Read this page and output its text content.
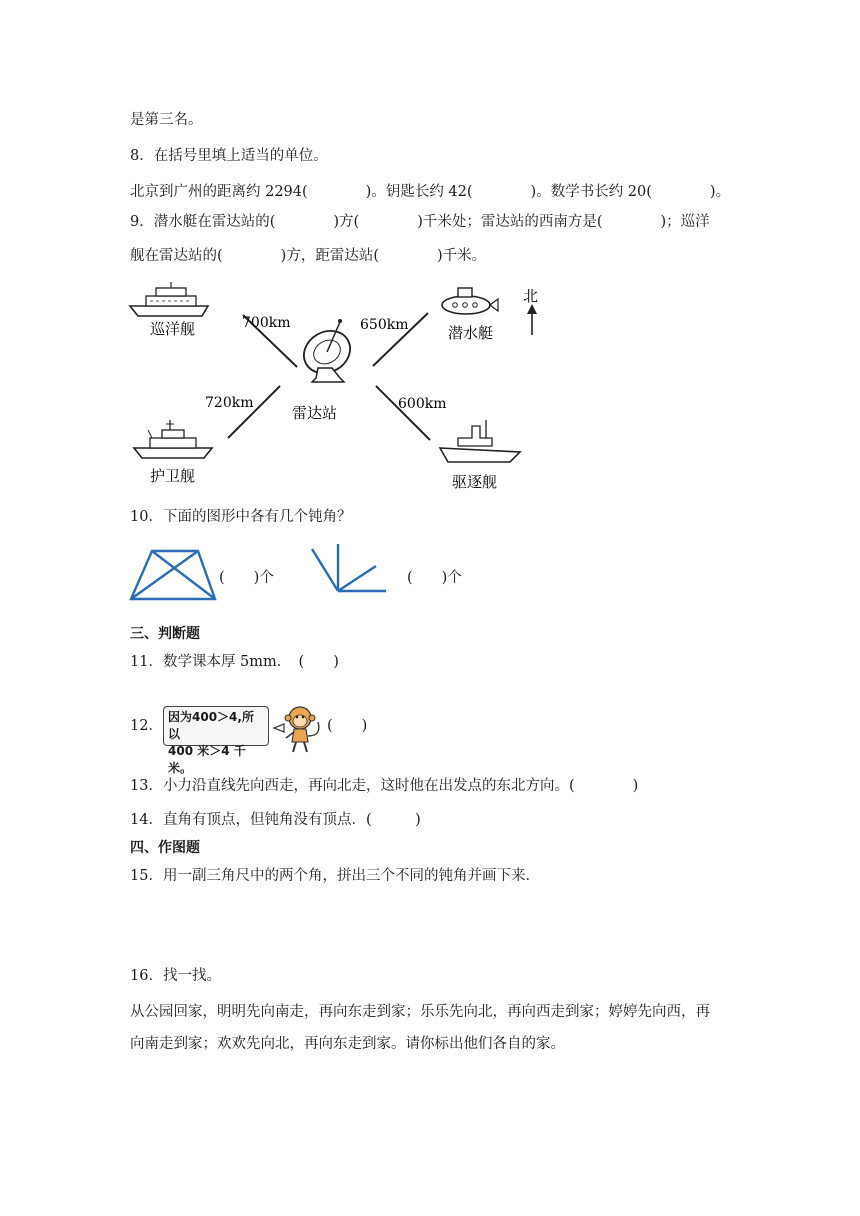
是第三名。
8．在括号里填上适当的单位。
北京到广州的距离约 2294(　　　　)。钥匙长约 42(　　　　)。数学书长约 20(　　　　)。
9．潜水艇在雷达站的(　　　　)方(　　　　)千米处；雷达站的西南方是(　　　　)；巡洋
舰在雷达站的(　　　　)方，距雷达站(　　　　)千米。
700km	650km
720km	600km
雷达站
巡洋舰	潜水艇
北
护卫舰	驱逐舰
10．下面的图形中各有几个钝角？
(　　)个	(　　)个
三、判断题
11．数学课本厚 5mm．　(　　)
12．
因为400＞4,所以
400 米＞4 千米。
(　　)
13．小力沿直线先向西走，再向北走，这时他在出发点的东北方向。(　　　　)
14．直角有顶点，但钝角没有顶点．(　　　)
四、作图题
15．用一副三角尺中的两个角，拼出三个不同的钝角并画下来．
16．找一找。
从公园回家，明明先向南走，再向东走到家；乐乐先向北，再向西走到家；婷婷先向西，再
向南走到家；欢欢先向北，再向东走到家。请你标出他们各自的家。
